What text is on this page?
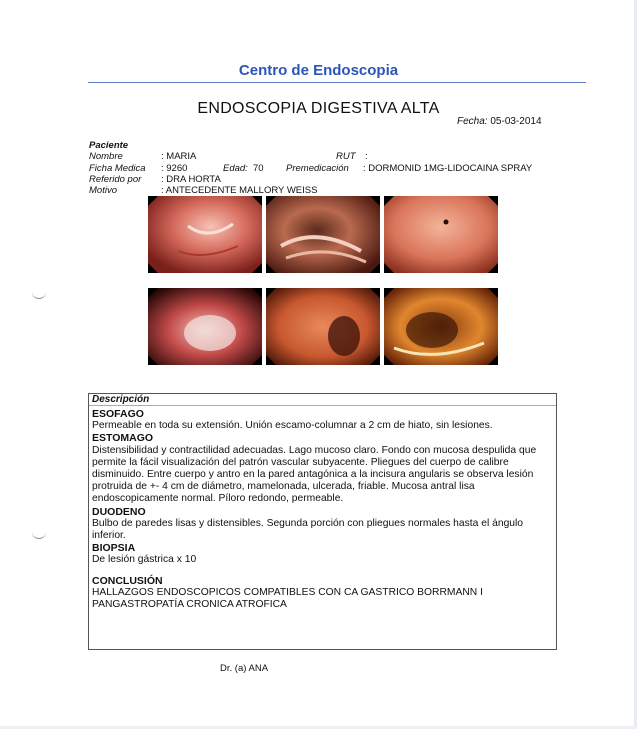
Centro de Endoscopia
ENDOSCOPIA DIGESTIVA ALTA
Fecha: 05-03-2014
Paciente
Nombre	: MARIA	RUT :
Ficha Medica : 9260	Edad: 70 Premedicación : DORMONID 1MG-LIDOCAINA SPRAY
Referido por : DRA HORTA
Motivo	: ANTECEDENTE MALLORY WEISS
Descripción
ESOFAGO

Permeable en toda su extensión. Unión escamo-columnar a 2 cm de hiato, sin lesiones.

ESTOMAGO

Distensibilidad y contractilidad adecuadas. Lago mucoso claro. Fondo con mucosa despulida que permite la fácil visualización del patrón vascular subyacente. Pliegues del cuerpo de calibre disminuido. Entre cuerpo y antro en la pared antagónica a la incisura angularis se observa lesión protruida de +- 4 cm de diámetro, mamelonada, ulcerada, friable. Mucosa antral lisa endoscopicamente normal. Píloro redondo, permeable.

DUODENO

Bulbo de paredes lisas y distensibles. Segunda porción con pliegues normales hasta el ángulo inferior.

BIOPSIA

De lesión gástrica x 10

CONCLUSIÓN

HALLAZGOS ENDOSCOPICOS COMPATIBLES CON CA GASTRICO BORRMANN I

PANGASTROPATÍA CRONICA ATROFICA

Dr. (a) ANA
